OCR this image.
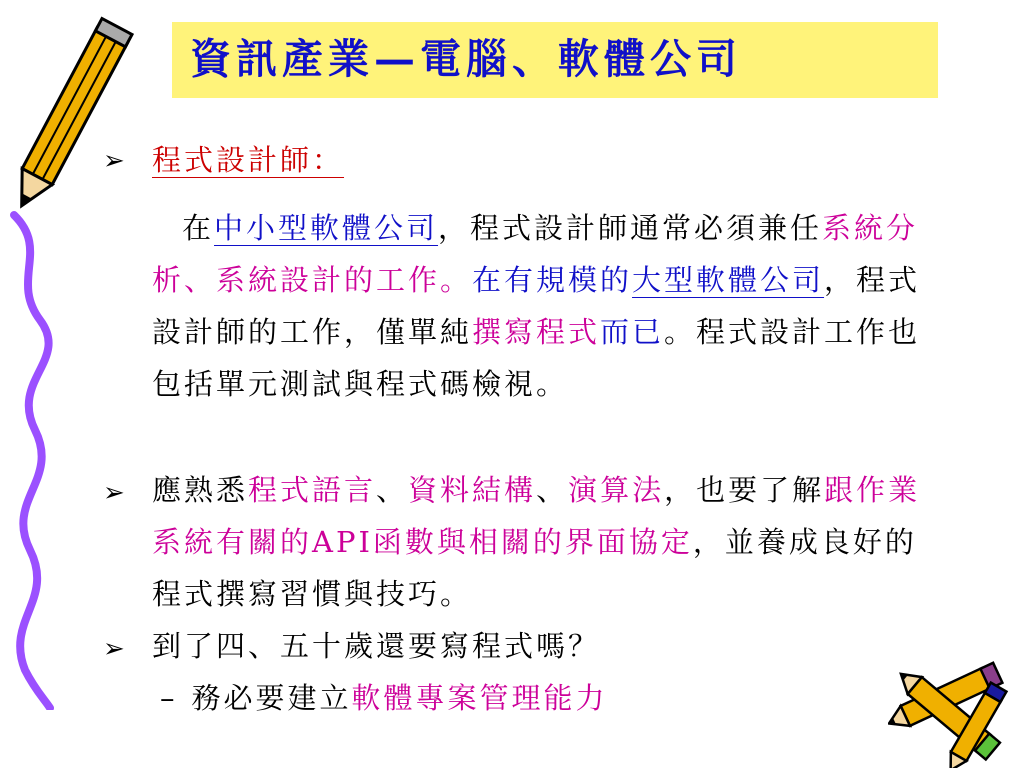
資訊產業—電腦、軟體公司
➢ 程式設計師：
在中小型軟體公司，程式設計師通常必須兼任系統分析、系統設計的工作。在有規模的大型軟體公司，程式設計師的工作，僅單純撰寫程式而已。程式設計工作也包括單元測試與程式碼檢視。
➢ 應熟悉程式語言、資料結構、演算法，也要了解跟作業系統有關的API函數與相關的界面協定，並養成良好的程式撰寫習慣與技巧。
➢ 到了四、五十歲還要寫程式嗎？
– 務必要建立軟體專案管理能力
